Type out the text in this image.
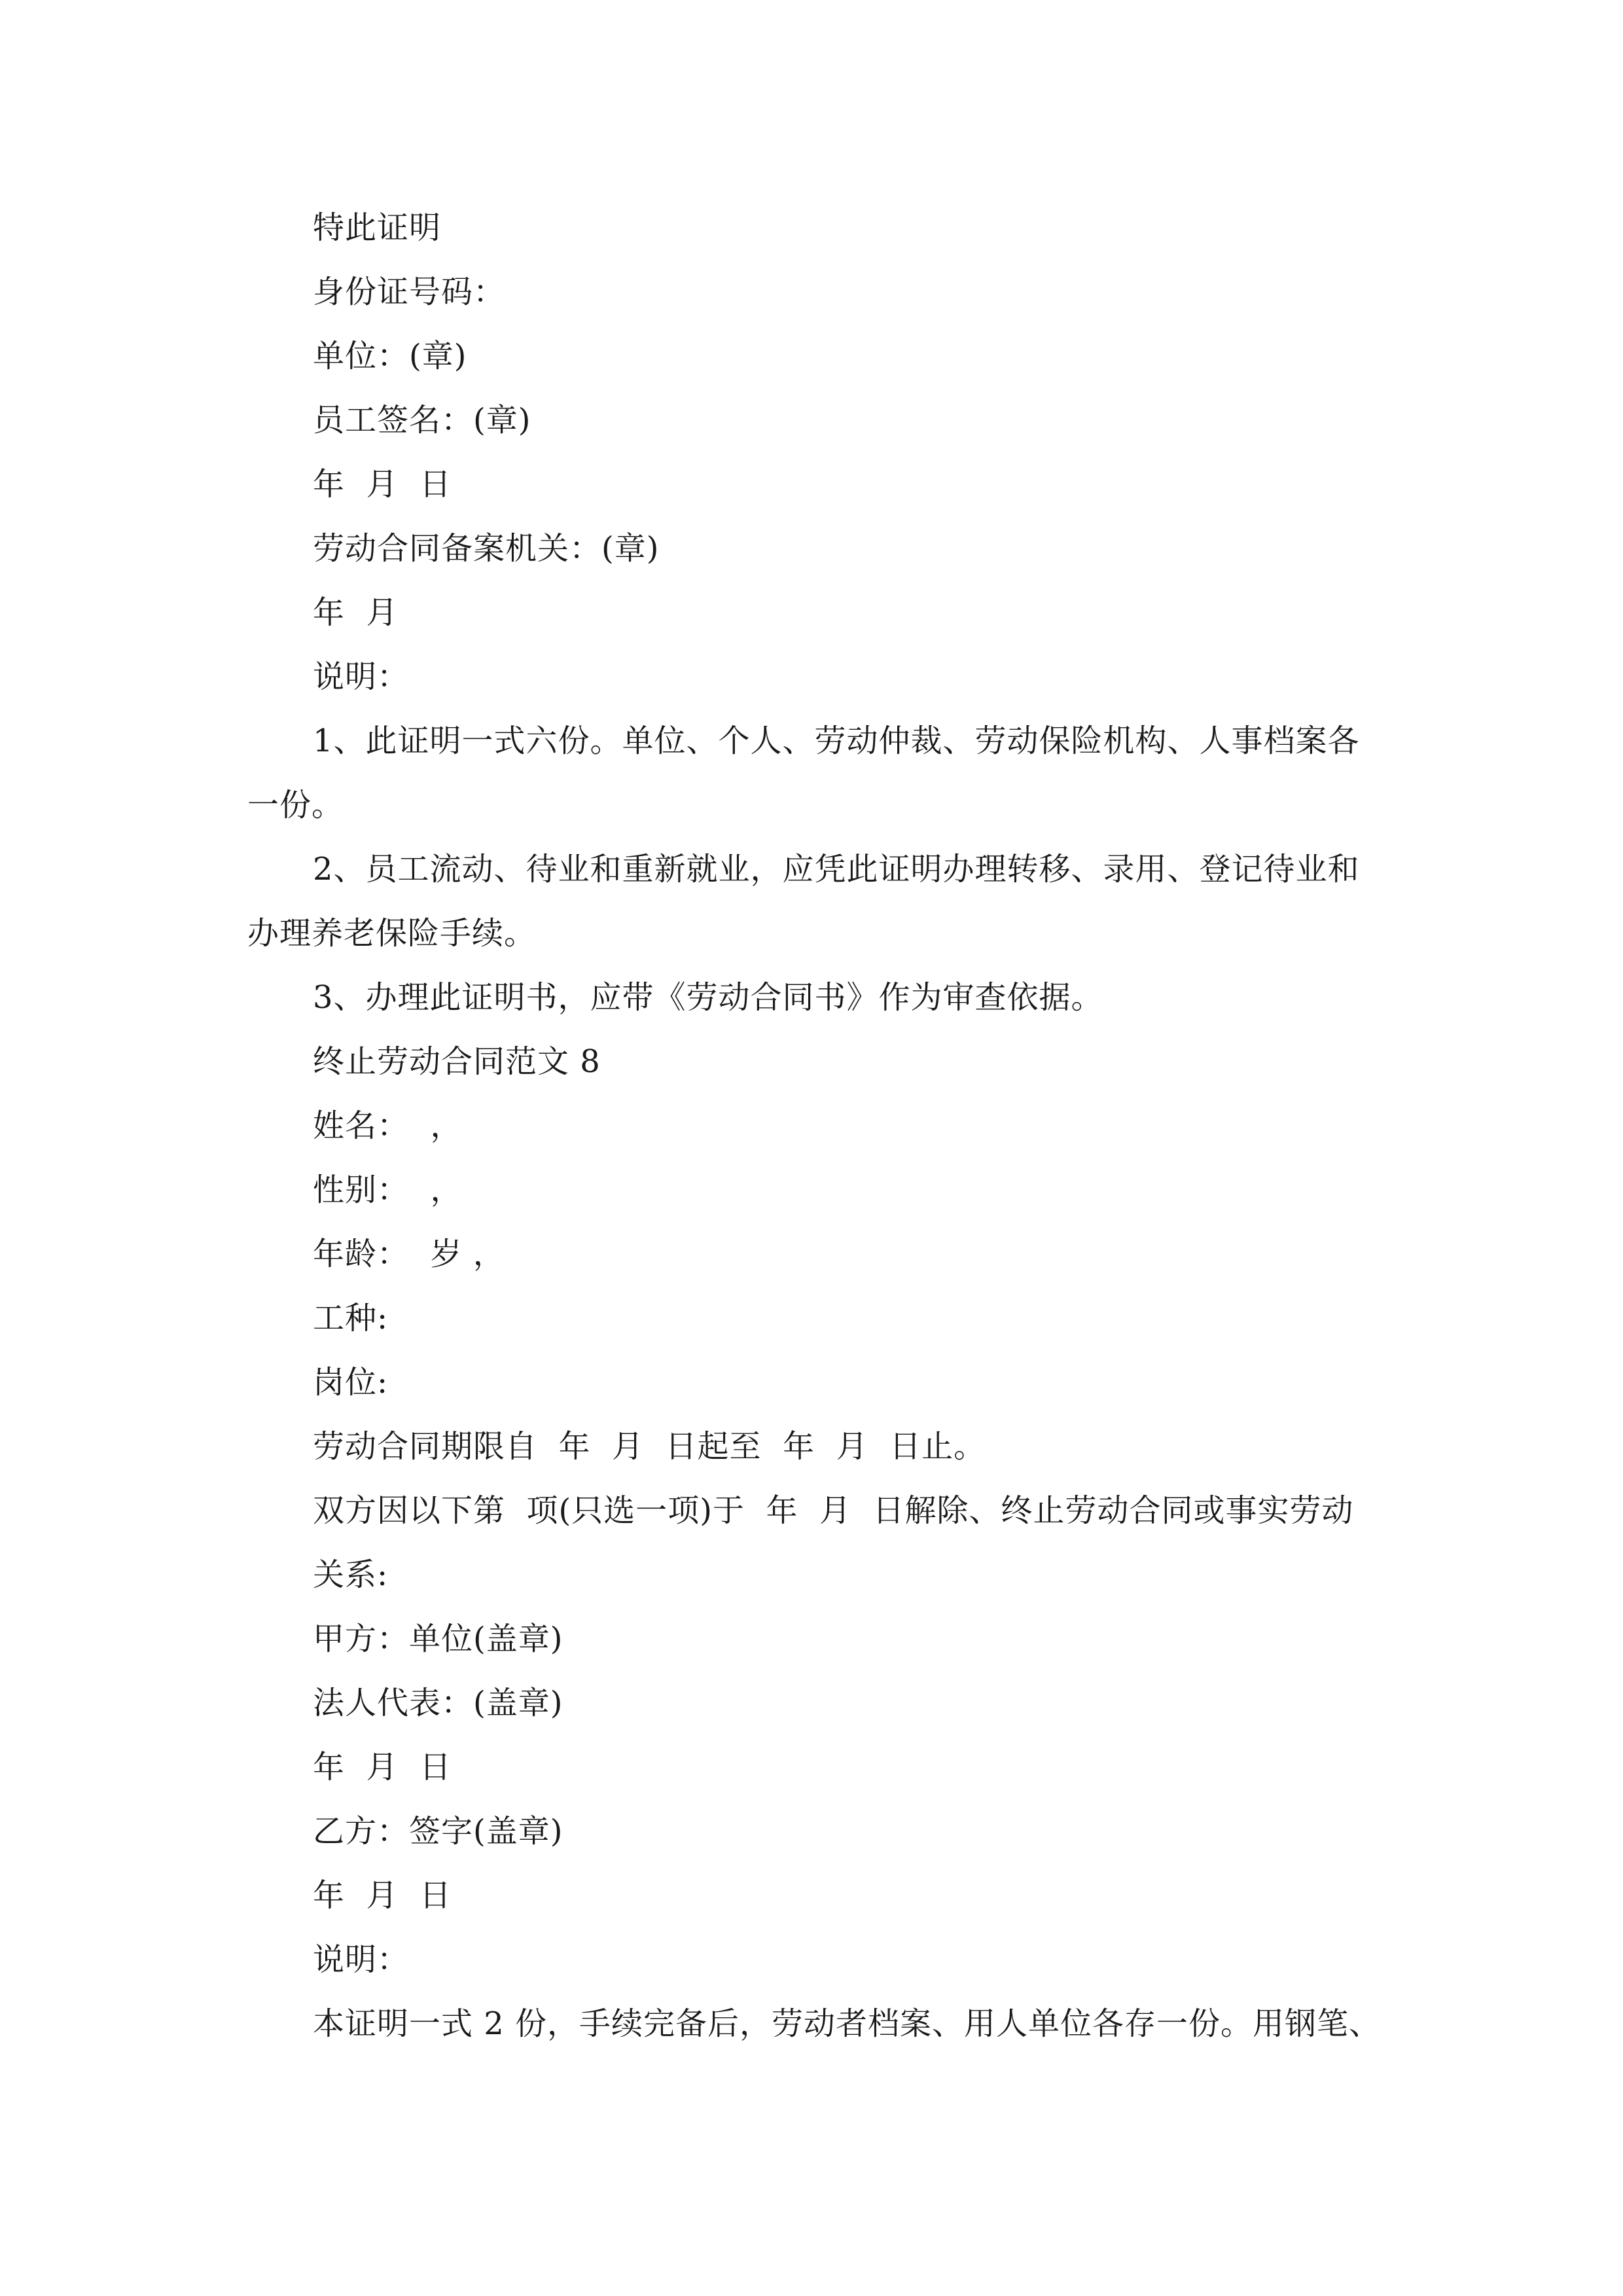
特此证明
身份证号码：
单位：(章)
员工签名：(章)
年  月  日
劳动合同备案机关：(章)
年  月
说明：
1、此证明一式六份。单位、个人、劳动仲裁、劳动保险机构、人事档案各
一份。
2、员工流动、待业和重新就业，应凭此证明办理转移、录用、登记待业和
办理养老保险手续。
3、办理此证明书，应带《劳动合同书》作为审查依据。
终止劳动合同范文 8
姓名：  ，
性别：  ，
年龄：  岁 ，
工种:
岗位:
劳动合同期限自  年  月  日起至  年  月  日止。
双方因以下第  项(只选一项)于  年  月  日解除、终止劳动合同或事实劳动
关系:
甲方：单位(盖章)
法人代表：(盖章)
年  月  日
乙方：签字(盖章)
年  月  日
说明：
本证明一式 2 份，手续完备后，劳动者档案、用人单位各存一份。用钢笔、
